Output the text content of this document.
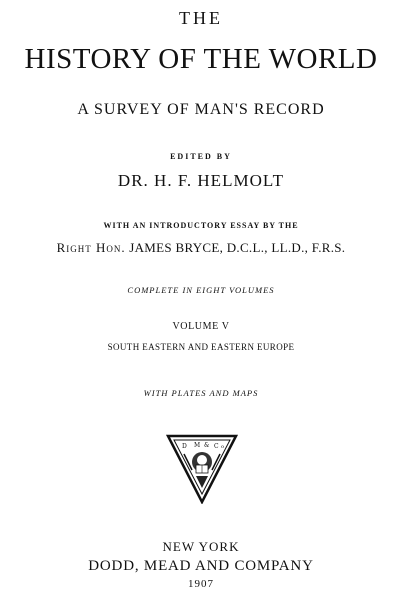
THE
HISTORY OF THE WORLD
A SURVEY OF MAN'S RECORD
EDITED BY
DR. H. F. HELMOLT
WITH AN INTRODUCTORY ESSAY BY THE
Right Hon. JAMES BRYCE, D.C.L., LL.D., F.R.S.
COMPLETE IN EIGHT VOLUMES
VOLUME V
SOUTH EASTERN AND EASTERN EUROPE
WITH PLATES AND MAPS
D M & C o
NEW YORK
DODD, MEAD AND COMPANY
1907
